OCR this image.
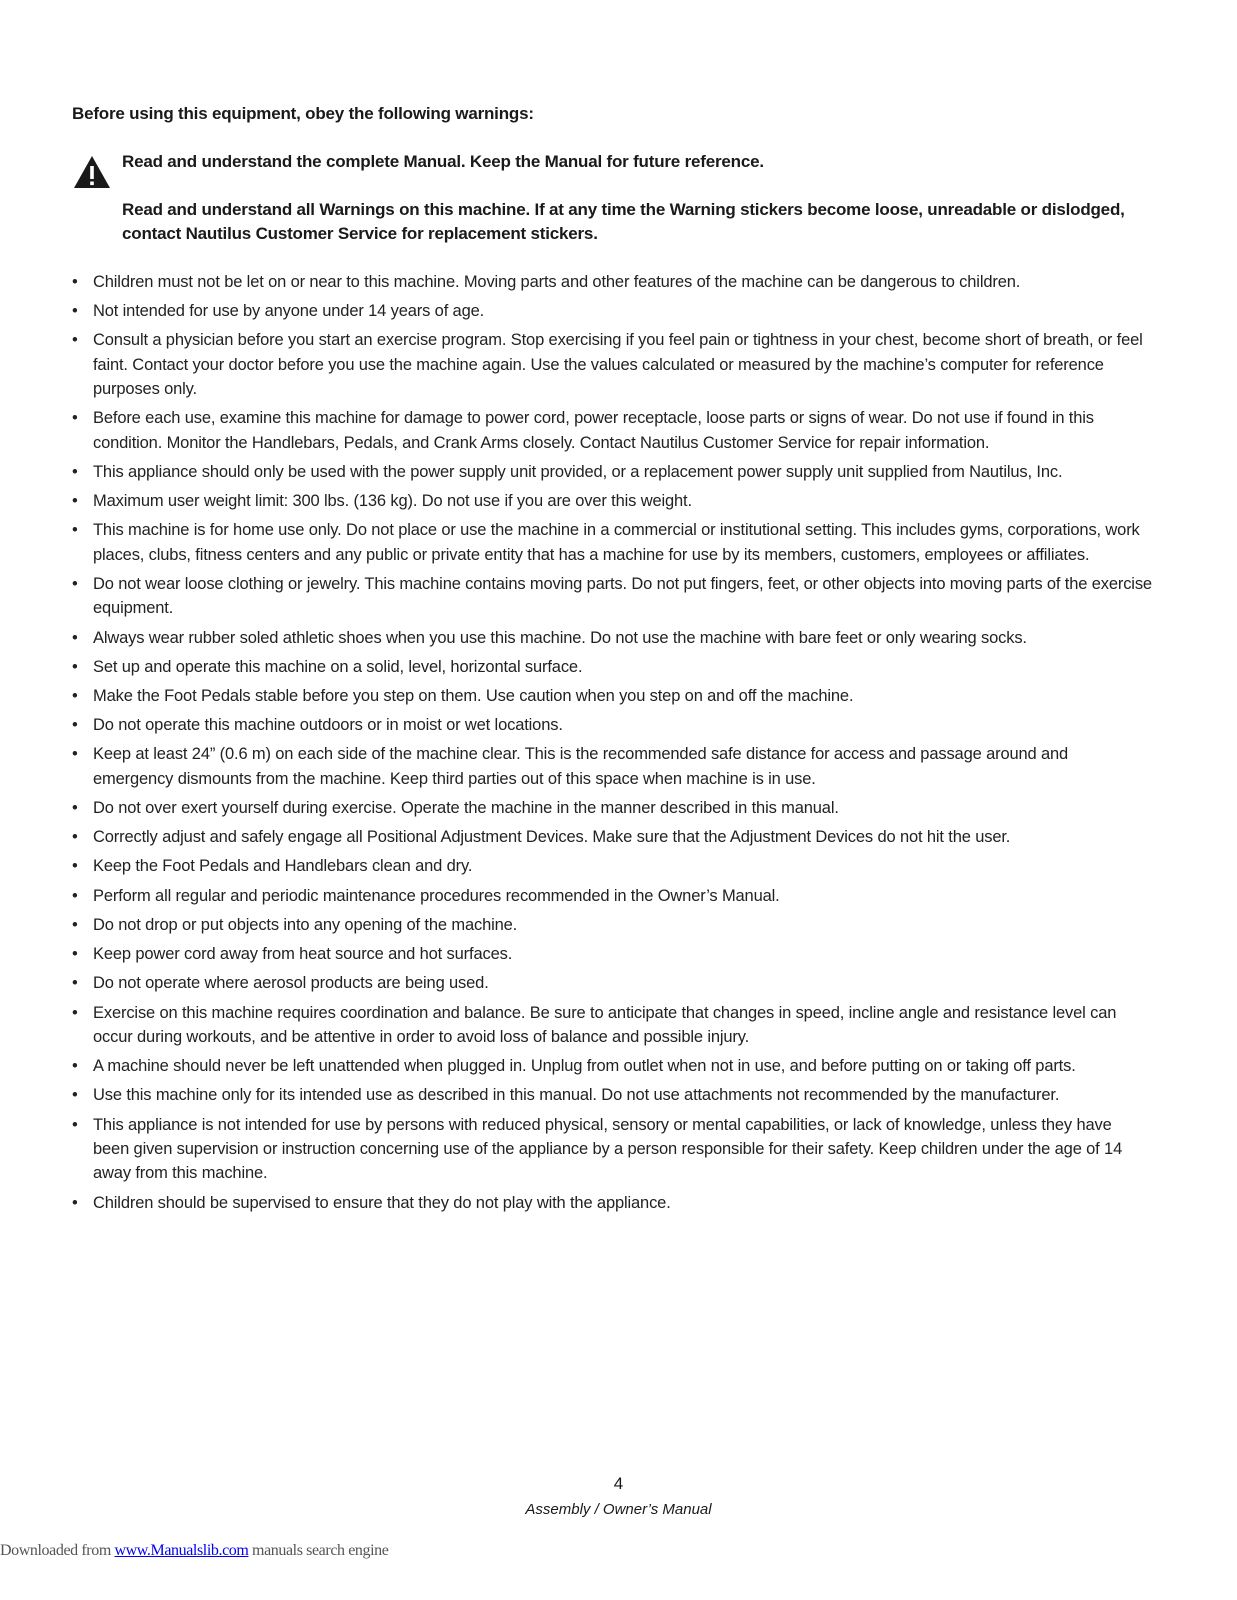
Before using this equipment, obey the following warnings:

Read and understand the complete Manual. Keep the Manual for future reference.

Read and understand all Warnings on this machine. If at any time the Warning stickers become loose, unreadable or dislodged, contact Nautilus Customer Service for replacement stickers.

• Children must not be let on or near to this machine. Moving parts and other features of the machine can be dangerous to children.
• Not intended for use by anyone under 14 years of age.
• Consult a physician before you start an exercise program. Stop exercising if you feel pain or tightness in your chest, become short of breath, or feel faint. Contact your doctor before you use the machine again. Use the values calculated or measured by the machine’s computer for reference purposes only.
• Before each use, examine this machine for damage to power cord, power receptacle, loose parts or signs of wear. Do not use if found in this condition. Monitor the Handlebars, Pedals, and Crank Arms closely. Contact Nautilus Customer Service for repair information.
• This appliance should only be used with the power supply unit provided, or a replacement power supply unit supplied from Nautilus, Inc.
• Maximum user weight limit: 300 lbs. (136 kg). Do not use if you are over this weight.
• This machine is for home use only. Do not place or use the machine in a commercial or institutional setting. This includes gyms, corporations, work places, clubs, fitness centers and any public or private entity that has a machine for use by its members, customers, employees or affiliates.
• Do not wear loose clothing or jewelry. This machine contains moving parts. Do not put fingers, feet, or other objects into moving parts of the exercise equipment.
• Always wear rubber soled athletic shoes when you use this machine. Do not use the machine with bare feet or only wearing socks.
• Set up and operate this machine on a solid, level, horizontal surface.
• Make the Foot Pedals stable before you step on them. Use caution when you step on and off the machine.
• Do not operate this machine outdoors or in moist or wet locations.
• Keep at least 24” (0.6 m) on each side of the machine clear. This is the recommended safe distance for access and passage around and emergency dismounts from the machine. Keep third parties out of this space when machine is in use.
• Do not over exert yourself during exercise. Operate the machine in the manner described in this manual.
• Correctly adjust and safely engage all Positional Adjustment Devices. Make sure that the Adjustment Devices do not hit the user.
• Keep the Foot Pedals and Handlebars clean and dry.
• Perform all regular and periodic maintenance procedures recommended in the Owner’s Manual.
• Do not drop or put objects into any opening of the machine.
• Keep power cord away from heat source and hot surfaces.
• Do not operate where aerosol products are being used.
• Exercise on this machine requires coordination and balance. Be sure to anticipate that changes in speed, incline angle and resistance level can occur during workouts, and be attentive in order to avoid loss of balance and possible injury.
• A machine should never be left unattended when plugged in. Unplug from outlet when not in use, and before putting on or taking off parts.
• Use this machine only for its intended use as described in this manual. Do not use attachments not recommended by the manufacturer.
• This appliance is not intended for use by persons with reduced physical, sensory or mental capabilities, or lack of knowledge, unless they have been given supervision or instruction concerning use of the appliance by a person responsible for their safety. Keep children under the age of 14 away from this machine.
• Children should be supervised to ensure that they do not play with the appliance.
4
Assembly / Owner’s Manual
Downloaded from www.Manualslib.com manuals search engine
